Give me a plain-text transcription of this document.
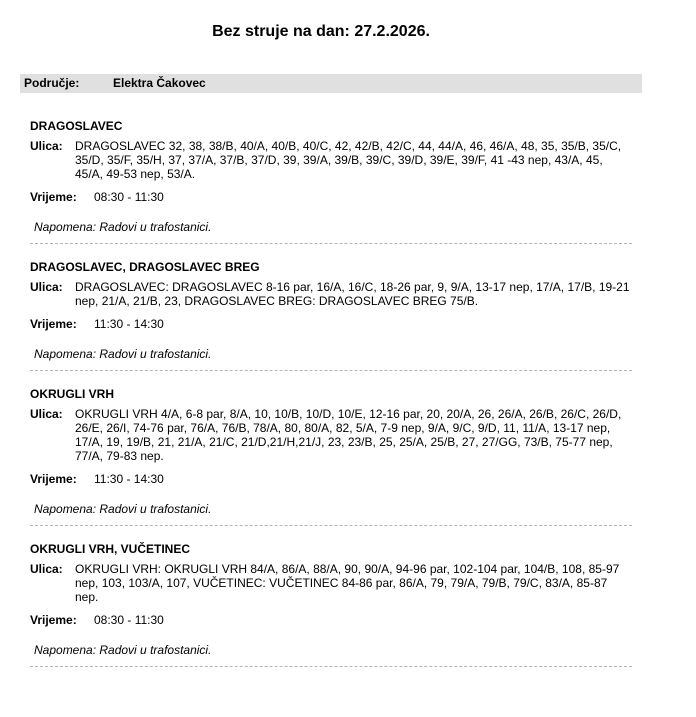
Bez struje na dan: 27.2.2026.
Područje:	Elektra Čakovec
DRAGOSLAVEC
Ulica:	DRAGOSLAVEC 32, 38, 38/B, 40/A, 40/B, 40/C, 42, 42/B, 42/C, 44, 44/A, 46, 46/A, 48, 35, 35/B, 35/C, 35/D, 35/F, 35/H, 37, 37/A, 37/B, 37/D, 39, 39/A, 39/B, 39/C, 39/D, 39/E, 39/F, 41 -43 nep, 43/A, 45, 45/A, 49-53 nep, 53/A.
Vrijeme: 08:30 - 11:30
Napomena: Radovi u trafostanici.
DRAGOSLAVEC, DRAGOSLAVEC BREG
Ulica:	DRAGOSLAVEC: DRAGOSLAVEC 8-16 par, 16/A, 16/C, 18-26 par, 9, 9/A, 13-17 nep, 17/A, 17/B, 19-21 nep, 21/A, 21/B, 23, DRAGOSLAVEC BREG: DRAGOSLAVEC BREG 75/B.
Vrijeme: 11:30 - 14:30
Napomena: Radovi u trafostanici.
OKRUGLI VRH
Ulica:	OKRUGLI VRH 4/A, 6-8 par, 8/A, 10, 10/B, 10/D, 10/E, 12-16 par, 20, 20/A, 26, 26/A, 26/B, 26/C, 26/D, 26/E, 26/I, 74-76 par, 76/A, 76/B, 78/A, 80, 80/A, 82, 5/A, 7-9 nep, 9/A, 9/C, 9/D, 11, 11/A, 13-17 nep, 17/A, 19, 19/B, 21, 21/A, 21/C, 21/D,21/H,21/J, 23, 23/B, 25, 25/A, 25/B, 27, 27/GG, 73/B, 75-77 nep, 77/A, 79-83 nep.
Vrijeme: 11:30 - 14:30
Napomena: Radovi u trafostanici.
OKRUGLI VRH, VUČETINEC
Ulica:	OKRUGLI VRH: OKRUGLI VRH 84/A, 86/A, 88/A, 90, 90/A, 94-96 par, 102-104 par, 104/B, 108, 85-97 nep, 103, 103/A, 107, VUČETINEC: VUČETINEC 84-86 par, 86/A, 79, 79/A, 79/B, 79/C, 83/A, 85-87 nep.
Vrijeme: 08:30 - 11:30
Napomena: Radovi u trafostanici.
